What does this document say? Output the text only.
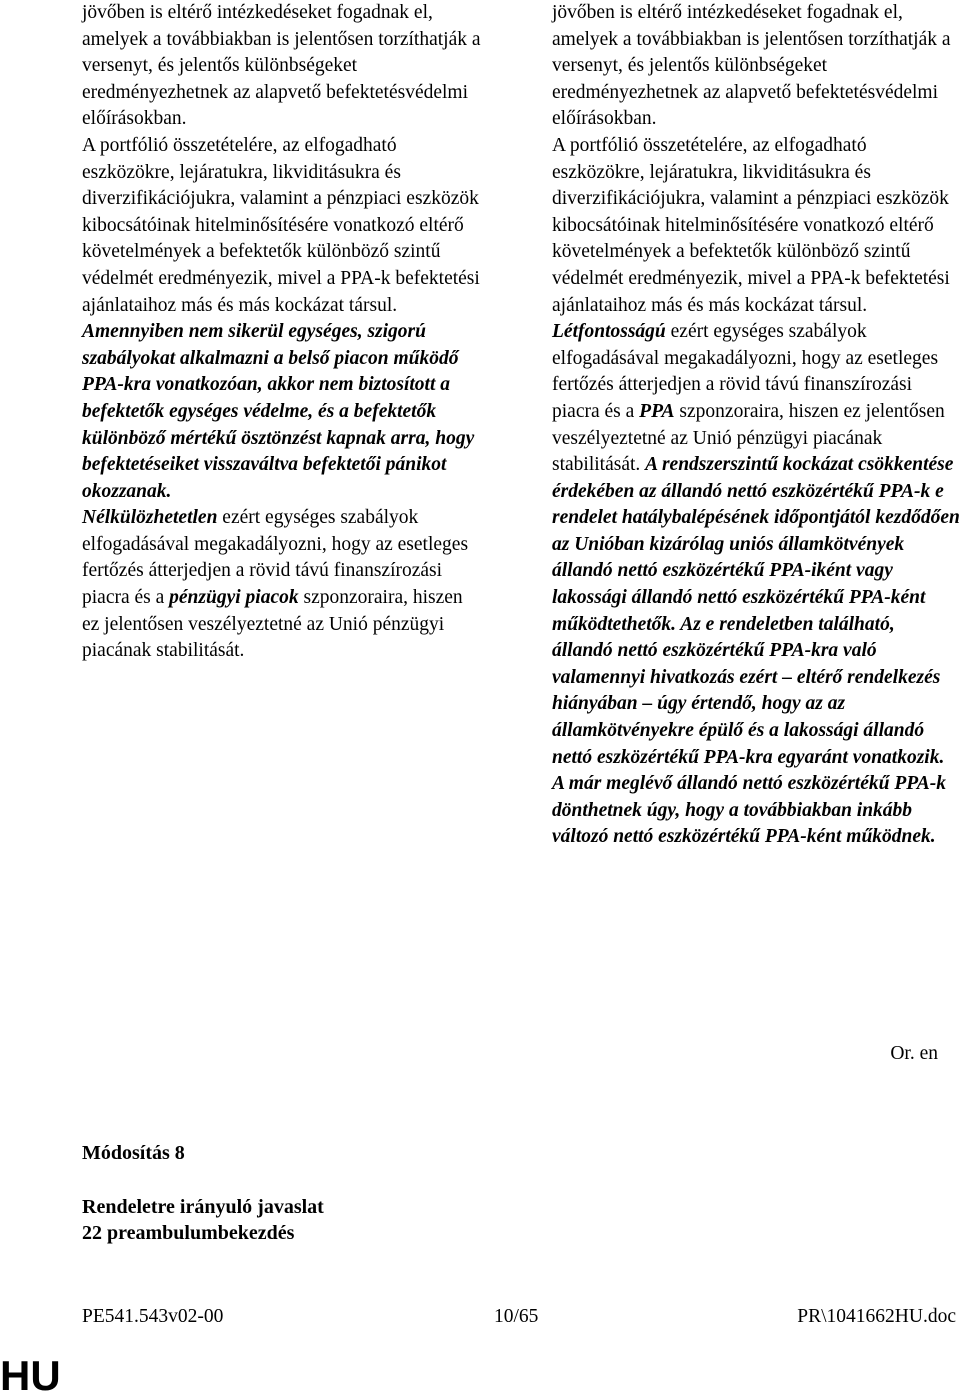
jövőben is eltérő intézkedéseket fogadnak el, amelyek a továbbiakban is jelentősen torzíthatják a versenyt, és jelentős különbségeket eredményezhetnek az alapvető befektetésvédelmi előírásokban.

A portfólió összetételére, az elfogadható eszközökre, lejáratukra, likviditásukra és diverzifikációjukra, valamint a pénzpiaci eszközök kibocsátóinak hitelminősítésére vonatkozó eltérő követelmények a befektetők különböző szintű védelmét eredményezik, mivel a PPA-k befektetési ajánlataihoz más és más kockázat társul.

Amennyiben nem sikerül egységes, szigorú szabályokat alkalmazni a belső piacon működő PPA-kra vonatkozóan, akkor nem biztosított a befektetők egységes védelme, és a befektetők különböző mértékű ösztönzést kapnak arra, hogy befektetéseiket visszaváltva befektetői pánikot okozzanak.

Nélkülözhetetlen ezért egységes szabályok elfogadásával megakadályozni, hogy az esetleges fertőzés átterjedjen a rövid távú finanszírozási piacra és a pénzügyi piacok szponzoraira, hiszen ez jelentősen veszélyeztetné az Unió pénzügyi piacának stabilitását.

jövőben is eltérő intézkedéseket fogadnak el, amelyek a továbbiakban is jelentősen torzíthatják a versenyt, és jelentős különbségeket eredményezhetnek az alapvető befektetésvédelmi előírásokban.

A portfólió összetételére, az elfogadható eszközökre, lejáratukra, likviditásukra és diverzifikációjukra, valamint a pénzpiaci eszközök kibocsátóinak hitelminősítésére vonatkozó eltérő követelmények a befektetők különböző szintű védelmét eredményezik, mivel a PPA-k befektetési ajánlataihoz más és más kockázat társul.

Létfontosságú ezért egységes szabályok elfogadásával megakadályozni, hogy az esetleges fertőzés átterjedjen a rövid távú finanszírozási piacra és a PPA szponzoraira, hiszen ez jelentősen veszélyeztetné az Unió pénzügyi piacának stabilitását. A rendszerszintű kockázat csökkentése érdekében az állandó nettó eszközértékű PPA-k e rendelet hatálybalépésének időpontjától kezdődően az Unióban kizárólag uniós államkötvények állandó nettó eszközértékű PPA-iként vagy lakossági állandó nettó eszközértékű PPA-ként működtethetők. Az e rendeletben található, állandó nettó eszközértékű PPA-kra való valamennyi hivatkozás ezért – eltérő rendelkezés hiányában – úgy értendő, hogy az az államkötvényekre épülő és a lakossági állandó nettó eszközértékű PPA-kra egyaránt vonatkozik. A már meglévő állandó nettó eszközértékű PPA-k dönthetnek úgy, hogy a továbbiakban inkább változó nettó eszközértékű PPA-ként működnek.

Or. en
Módosítás 8
Rendeletre irányuló javaslat
22 preambulumbekezdés
PE541.543v02-00	10/65	PR\1041662HU.doc
HU
